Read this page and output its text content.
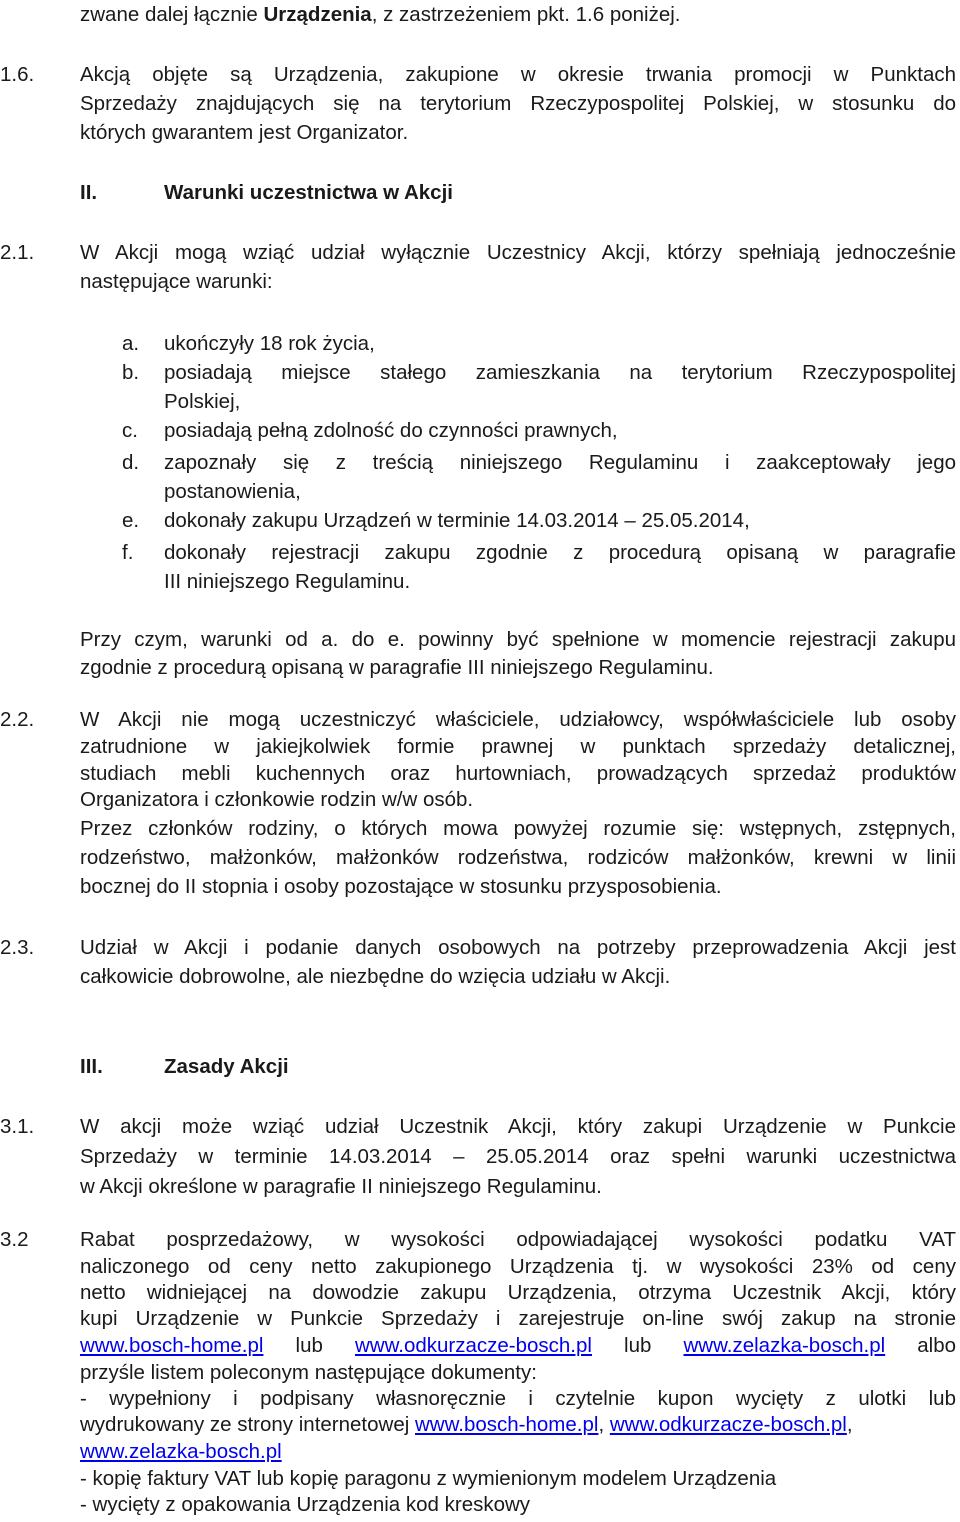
zwane dalej łącznie Urządzenia, z zastrzeżeniem pkt. 1.6 poniżej.
1.6. Akcją objęte są Urządzenia, zakupione w okresie trwania promocji w Punktach
Sprzedaży znajdujących się na terytorium Rzeczypospolitej Polskiej, w stosunku do
których gwarantem jest Organizator.
II.	Warunki uczestnictwa w Akcji
2.1. W Akcji mogą wziąć udział wyłącznie Uczestnicy Akcji, którzy spełniają jednocześnie
następujące warunki:
a. ukończyły 18 rok życia,
b. posiadają miejsce stałego zamieszkania na terytorium Rzeczypospolitej
Polskiej,
c. posiadają pełną zdolność do czynności prawnych,
d. zapoznały się z treścią niniejszego Regulaminu i zaakceptowały jego
postanowienia,
e. dokonały zakupu Urządzeń w terminie 14.03.2014 – 25.05.2014,
f. dokonały rejestracji zakupu zgodnie z procedurą opisaną w paragrafie
III niniejszego Regulaminu.
Przy czym, warunki od a. do e. powinny być spełnione w momencie rejestracji zakupu
zgodnie z procedurą opisaną w paragrafie III niniejszego Regulaminu.
2.2. W Akcji nie mogą uczestniczyć właściciele, udziałowcy, współwłaściciele lub osoby
zatrudnione w jakiejkolwiek formie prawnej w punktach sprzedaży detalicznej,
studiach mebli kuchennych oraz hurtowniach, prowadzących sprzedaż produktów
Organizatora i członkowie rodzin w/w osób.
Przez członków rodziny, o których mowa powyżej rozumie się: wstępnych, zstępnych,
rodzeństwo, małżonków, małżonków rodzeństwa, rodziców małżonków, krewni w linii
bocznej do II stopnia i osoby pozostające w stosunku przysposobienia.
2.3. Udział w Akcji i podanie danych osobowych na potrzeby przeprowadzenia Akcji jest
całkowicie dobrowolne, ale niezbędne do wzięcia udziału w Akcji.
III.	Zasady Akcji
3.1. W akcji może wziąć udział Uczestnik Akcji, który zakupi Urządzenie w Punkcie
Sprzedaży w terminie 14.03.2014 – 25.05.2014 oraz spełni warunki uczestnictwa
w Akcji określone w paragrafie II niniejszego Regulaminu.
3.2	Rabat posprzedażowy, w wysokości odpowiadającej wysokości podatku VAT
naliczonego od ceny netto zakupionego Urządzenia tj. w wysokości 23% od ceny
netto widniejącej na dowodzie zakupu Urządzenia, otrzyma Uczestnik Akcji, który
kupi Urządzenie w Punkcie Sprzedaży i zarejestruje on-line swój zakup na stronie
www.bosch-home.pl lub www.odkurzacze-bosch.pl lub www.zelazka-bosch.pl albo
przyśle listem poleconym następujące dokumenty:
- wypełniony i podpisany własnoręcznie i czytelnie kupon wycięty z ulotki lub
wydrukowany ze strony internetowej www.bosch-home.pl, www.odkurzacze-bosch.pl,
www.zelazka-bosch.pl
- kopię faktury VAT lub kopię paragonu z wymienionym modelem Urządzenia
- wycięty z opakowania Urządzenia kod kreskowy
